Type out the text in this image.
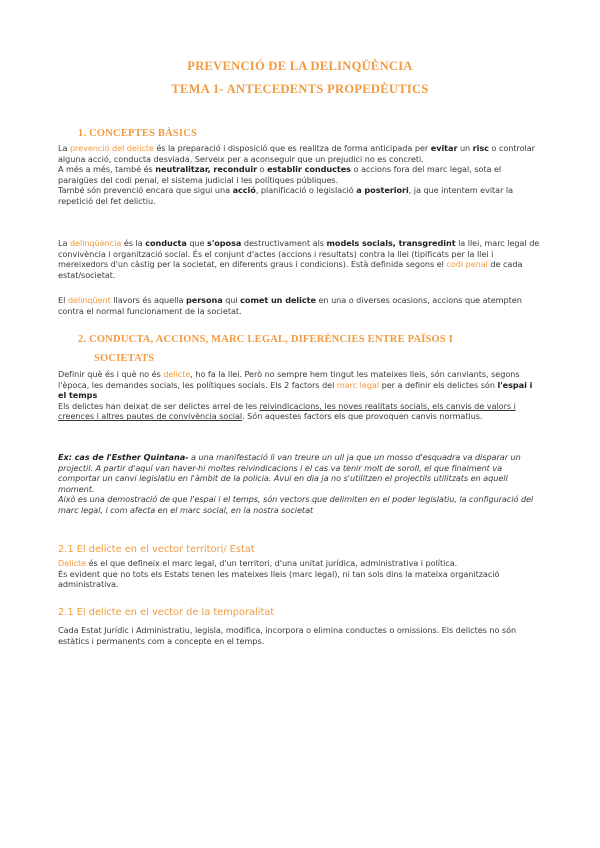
PREVENCIÓ DE LA DELINQÜÈNCIA
TEMA 1- ANTECEDENTS PROPEDÈUTICS
1. CONCEPTES BÀSICS
La prevenció del delicte és la preparació i disposició que es realitza de forma anticipada per evitar un risc o controlar alguna acció, conducta desviada. Serveix per a aconseguir que un prejudici no es concreti.
A més a més, també és neutralitzar, reconduir o establir conductes o accions fora del marc legal, sota el paraigües del codi penal, el sistema judicial i les polítiques públiques.
També són prevenció encara que sigui una acció, planificació o legislació a posteriori, ja que intentem evitar la repetició del fet delictiu.
La delinqüència és la conducta que s'oposa destructivament als models socials, transgredint la llei, marc legal de convivència i organització social. És el conjunt d'actes (accions i resultats) contra la llei (tipificats per la llei i mereixedors d'un càstig per la societat, en diferents graus i condicions). Està definida segons el codi penal de cada estat/societat.
El delinqüent llavors és aquella persona qui comet un delicte en una o diverses ocasions, accions que atempten contra el normal funcionament de la societat.
2. CONDUCTA, ACCIONS, MARC LEGAL, DIFERÈNCIES ENTRE PAÏSOS I
SOCIETATS
Definir què és i què no és delicte, ho fa la llei. Però no sempre hem tingut les mateixes lleis, són canviants, segons l'època, les demandes socials, les polítiques socials. Els 2 factors del marc legal per a definir els delictes són l'espai i el temps
Els delictes han deixat de ser delictes arrel de les reivindicacions, les noves realitats socials, els canvis de valors i creences i altres pautes de convivència social. Són aquestes factors els que provoquen canvis normatius.
Ex: cas de l'Esther Quintana- a una manifestació li van treure un ull ja que un mosso d'esquadra va disparar un projectil. A partir d'aquí van haver-hi moltes reivindicacions i el cas va tenir molt de soroll, el que finalment va comportar un canvi legislatiu en l'àmbit de la policia. Avui en dia ja no s'utilitzen el projectils utilitzats en aquell moment.
Això es una demostració de que l'espai i el temps, són vectors que delimiten en el poder legislatiu, la configuració del marc legal, i com afecta en el marc social, en la nostra societat
2.1 El delicte en el vector territori/ Estat
Delicte és el que defineix el marc legal, d'un territori, d'una unitat jurídica, administrativa i política.
És evident que no tots els Estats tenen les mateixes lleis (marc legal), ni tan sols dins la mateixa organització administrativa.
2.1 El delicte en el vector de la temporalitat
Cada Estat Jurídic i Administratiu, legisla, modifica, incorpora o elimina conductes o omissions. Els delictes no són estàtics i permanents com a concepte en el temps.
